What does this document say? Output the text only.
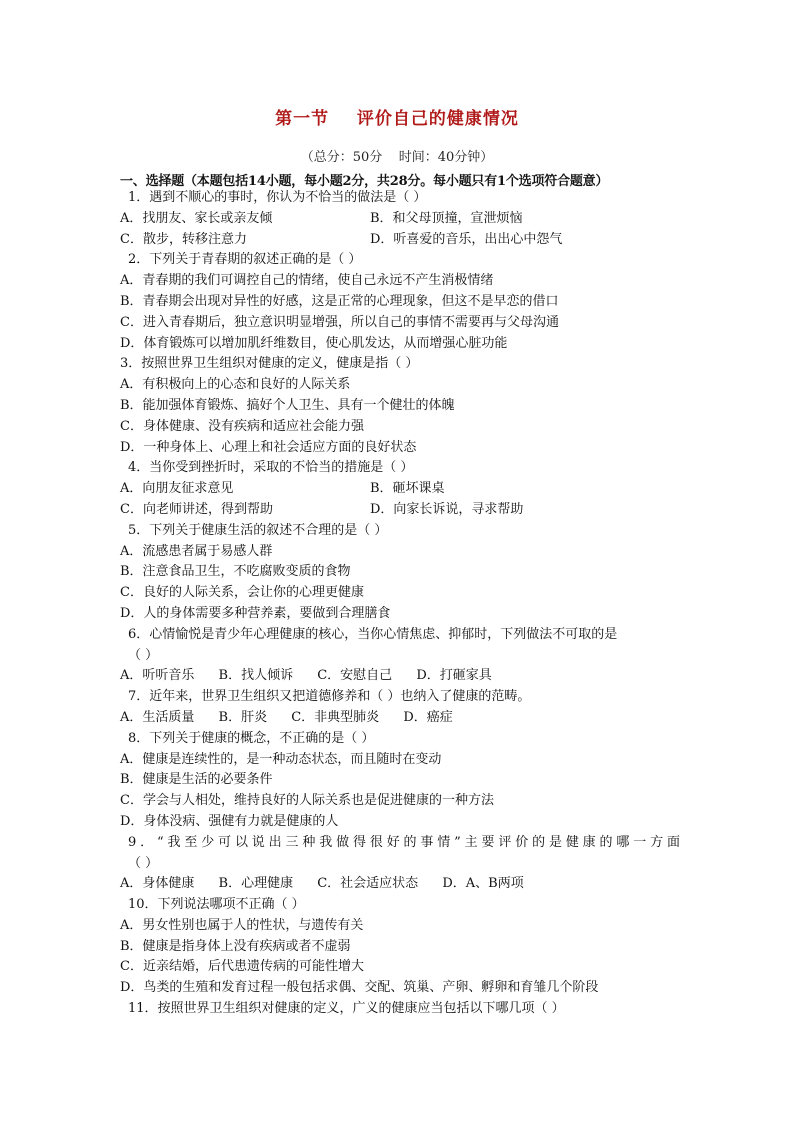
第一节    评价自己的健康情况
（总分：50分    时间：40分钟）
一、选择题（本题包括14小题，每小题2分，共28分。每小题只有1个选项符合题意）
1．遇到不顺心的事时，你认为不恰当的做法是（ ）
A．找朋友、家长或亲友倾	B．和父母顶撞，宣泄烦恼
C．散步，转移注意力	D．听喜爱的音乐，出出心中怨气
2．下列关于青春期的叙述正确的是（ ）
A．青春期的我们可调控自己的情绪，使自己永远不产生消极情绪
B．青春期会出现对异性的好感，这是正常的心理现象，但这不是早恋的借口
C．进入青春期后，独立意识明显增强，所以自己的事情不需要再与父母沟通
D．体育锻炼可以增加肌纤维数目，使心肌发达，从而增强心脏功能
3．按照世界卫生组织对健康的定义，健康是指（ ）
A．有积极向上的心态和良好的人际关系
B．能加强体育锻炼、搞好个人卫生、具有一个健壮的体魄
C．身体健康、没有疾病和适应社会能力强
D．一种身体上、心理上和社会适应方面的良好状态
4．当你受到挫折时，采取的不恰当的措施是（ ）
A．向朋友征求意见	B．砸坏课桌
C．向老师讲述，得到帮助	D．向家长诉说，寻求帮助
5．下列关于健康生活的叙述不合理的是（ ）
A．流感患者属于易感人群
B．注意食品卫生，不吃腐败变质的食物
C．良好的人际关系，会让你的心理更健康
D．人的身体需要多种营养素，要做到合理膳食
6．心情愉悦是青少年心理健康的核心，当你心情焦虑、抑郁时，下列做法不可取的是
（ ）
A．听听音乐 B．找人倾诉 C．安慰自己 D．打砸家具
7．近年来，世界卫生组织又把道德修养和（ ）也纳入了健康的范畴。
A．生活质量 B．肝炎 C．非典型肺炎 D．癌症
8．下列关于健康的概念，不正确的是（ ）
A．健康是连续性的，是一种动态状态，而且随时在变动
B．健康是生活的必要条件
C．学会与人相处，维持良好的人际关系也是促进健康的一种方法
D．身体没病、强健有力就是健康的人
9．“我至少可以说出三种我做得很好的事情”主要评价的是健康的哪一方面
（ ）
A．身体健康 B．心理健康 C．社会适应状态 D．A、B两项
10．下列说法哪项不正确（ ）
A．男女性别也属于人的性状，与遗传有关
B．健康是指身体上没有疾病或者不虚弱
C．近亲结婚，后代患遗传病的可能性增大
D．鸟类的生殖和发育过程一般包括求偶、交配、筑巢、产卵、孵卵和育雏几个阶段
11．按照世界卫生组织对健康的定义，广义的健康应当包括以下哪几项（ ）
